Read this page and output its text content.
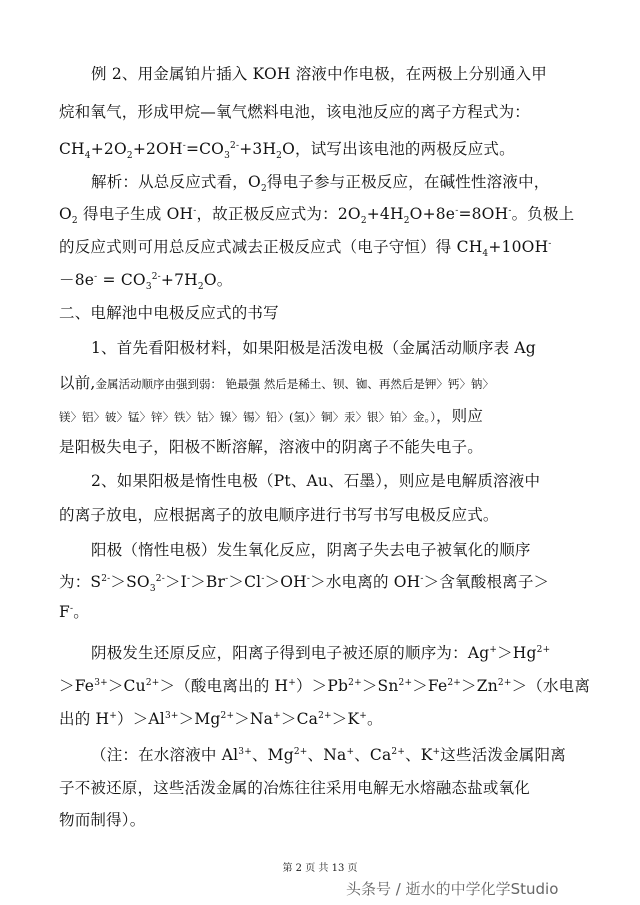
例 2、用金属铂片插入 KOH 溶液中作电极，在两极上分别通入甲
烷和氧气，形成甲烷—氧气燃料电池，该电池反应的离子方程式为：
$CH_4+2O_2+2OH^-=CO_3^{2-}+3H_2O$，试写出该电池的两极反应式。
解析：从总反应式看，$O_2$得电子参与正极反应，在碱性性溶液中，
$O_2$ 得电子生成 OH-，故正极反应式为：$2O_2+4H_2O+8e^-=8OH^-$。负极上
的反应式则可用总反应式减去正极反应式（电子守恒）得 $CH_4+10OH^-$
$-8e^- = CO_3^{2-}+7H_2O$。
二、电解池中电极反应式的书写
1、首先看阳极材料，如果阳极是活泼电极（金属活动顺序表 Ag
以前,金属活动顺序由强到弱： 铯最强 然后是稀土、钡、铷、再然后是钾〉钙〉钠〉
镁〉铝〉铍〉锰〉锌〉铁〉钴〉镍〉锡〉铅〉(氢)〉铜〉汞〉银〉铂〉金。），则应
是阳极失电子，阳极不断溶解，溶液中的阴离子不能失电子。
2、如果阳极是惰性电极（Pt、Au、石墨），则应是电解质溶液中
的离子放电，应根据离子的放电顺序进行书写书写电极反应式。
阳极（惰性电极）发生氧化反应，阴离子失去电子被氧化的顺序
为：$S^{2-}>SO_3^{2-}>I^->Br^->Cl^->OH^->$水电离的 OH-＞含氧酸根离子＞
F-。
阴极发生还原反应，阳离子得到电子被还原的顺序为：$Ag^+>Hg^{2+}$
$>Fe^{3+}>Cu^{2+}>$（酸电离出的 $H^+)>Pb^{2+}>Sn^{2+}>Fe^{2+}>Zn^{2+}>$（水电离
出的 $H^+)>Al^{3+}>Mg^{2+}>Na^+>Ca^{2+}>K^+$。
（注：在水溶液中 $Al^{3+}$、$Mg^{2+}$、Na+、$Ca^{2+}$、K+这些活泼金属阳离
子不被还原，这些活泼金属的冶炼往往采用电解无水熔融态盐或氧化
物而制得）。
第 2 页 共 13 页
头条号 / 逝水的中学化学Studio
